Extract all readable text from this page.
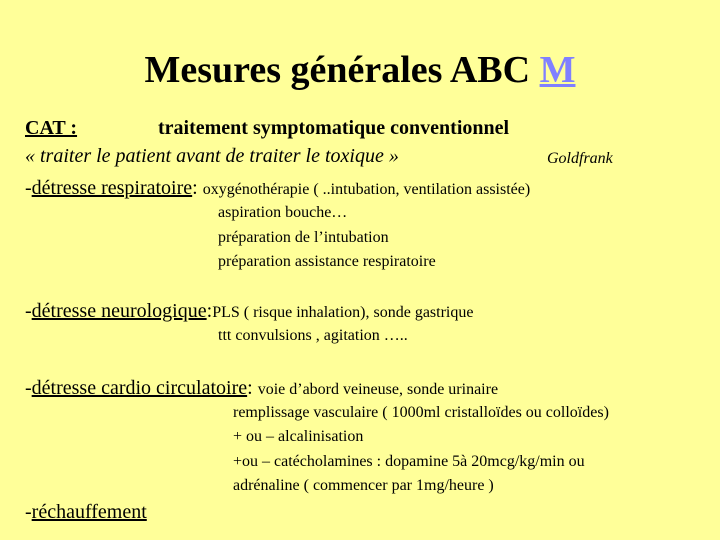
Mesures générales ABC M
CAT :	traitement symptomatique conventionnel
« traiter le patient avant de traiter le toxique »	Goldfrank
-détresse respiratoire: oxygénothérapie ( ..intubation, ventilation assistée)
aspiration bouche…
préparation de l’intubation
préparation assistance respiratoire
-détresse neurologique:PLS ( risque inhalation), sonde gastrique
ttt convulsions , agitation …..
-détresse cardio circulatoire: voie d’abord veineuse, sonde urinaire
remplissage vasculaire ( 1000ml cristalloïdes ou colloïdes)
+ ou – alcalinisation
+ou – catécholamines : dopamine 5à 20mcg/kg/min ou
adrénaline ( commencer par 1mg/heure )
-réchauffement
